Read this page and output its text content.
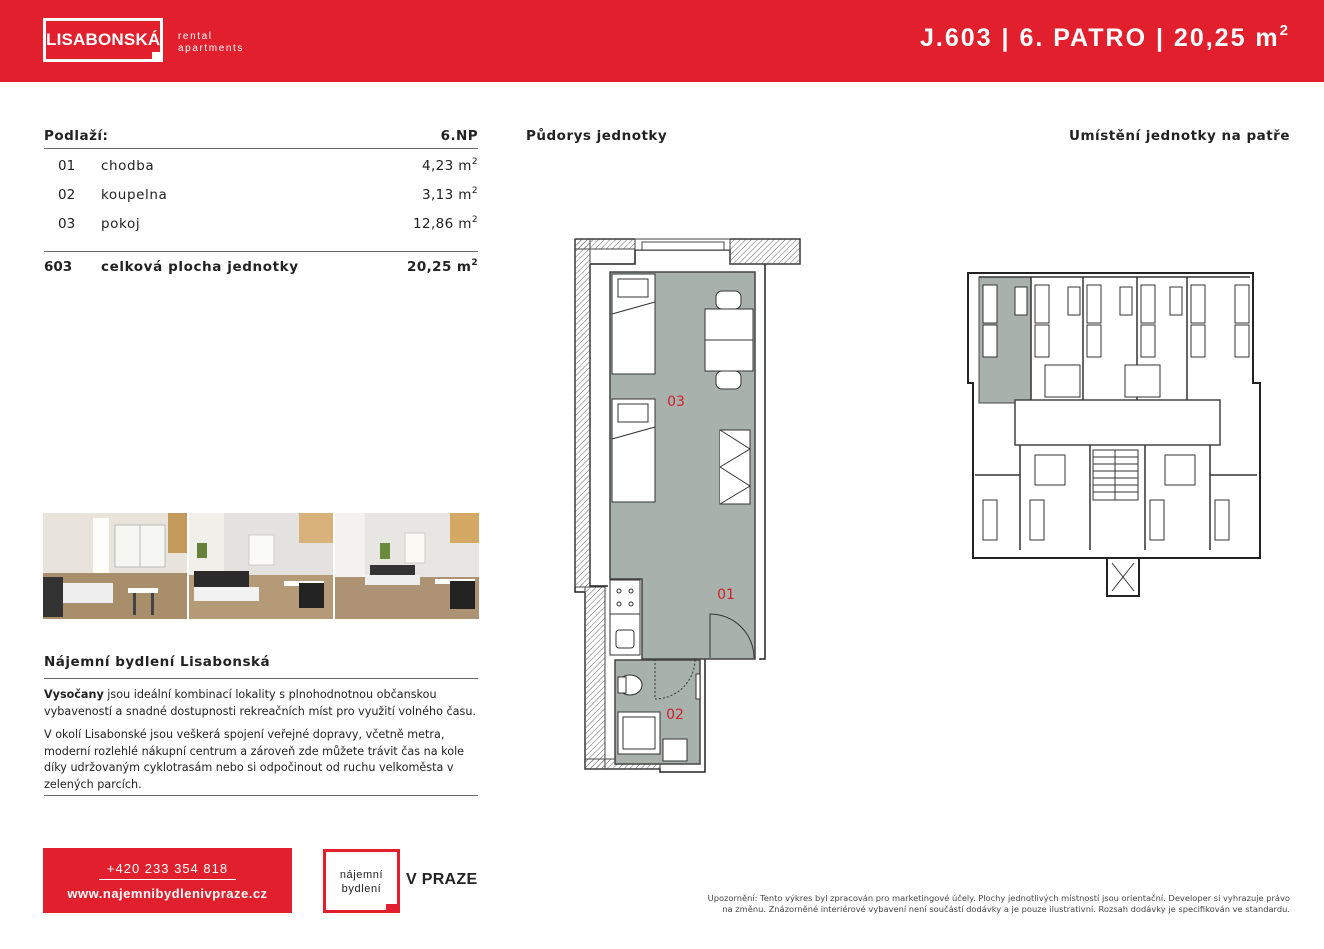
LISABONSKÁ rental
apartments	J.603 | 6. PATRO | 20,25 $m^2$
Podlaží:	6.NP
01	chodba	4,23 $m^2$
02	koupelna	3,13 $m^2$
03	pokoj	12,86 $m^2$
603	celková plocha jednotky	20,25 $m^2$
Nájemní bydlení Lisabonská

Vysočany jsou ideální kombinací lokality s plnohodnotnou občanskou vybaveností a snadné dostupnosti rekreačních míst pro využití volného času.

V okolí Lisabonské jsou veškerá spojení veřejné dopravy, včetně metra, moderní rozlehlé nákupní centrum a zároveň zde můžete trávit čas na kole díky udržovaným cyklotrasám nebo si odpočinout od ruchu velkoměsta v zelených parcích.

+420 233 354 818
www.najemnibydlenivpraze.cz
nájemní
bydlení
V PRAZE
Půdorys jednotky	Umístění jednotky na patře
03
01
02
Upozornění: Tento výkres byl zpracován pro marketingové účely. Plochy jednotlivých místností jsou orientační. Developer si vyhrazuje právo
na změnu. Znázorněné interiérové vybavení není součástí dodávky a je pouze ilustrativní. Rozsah dodávky je specifikován ve standardu.
